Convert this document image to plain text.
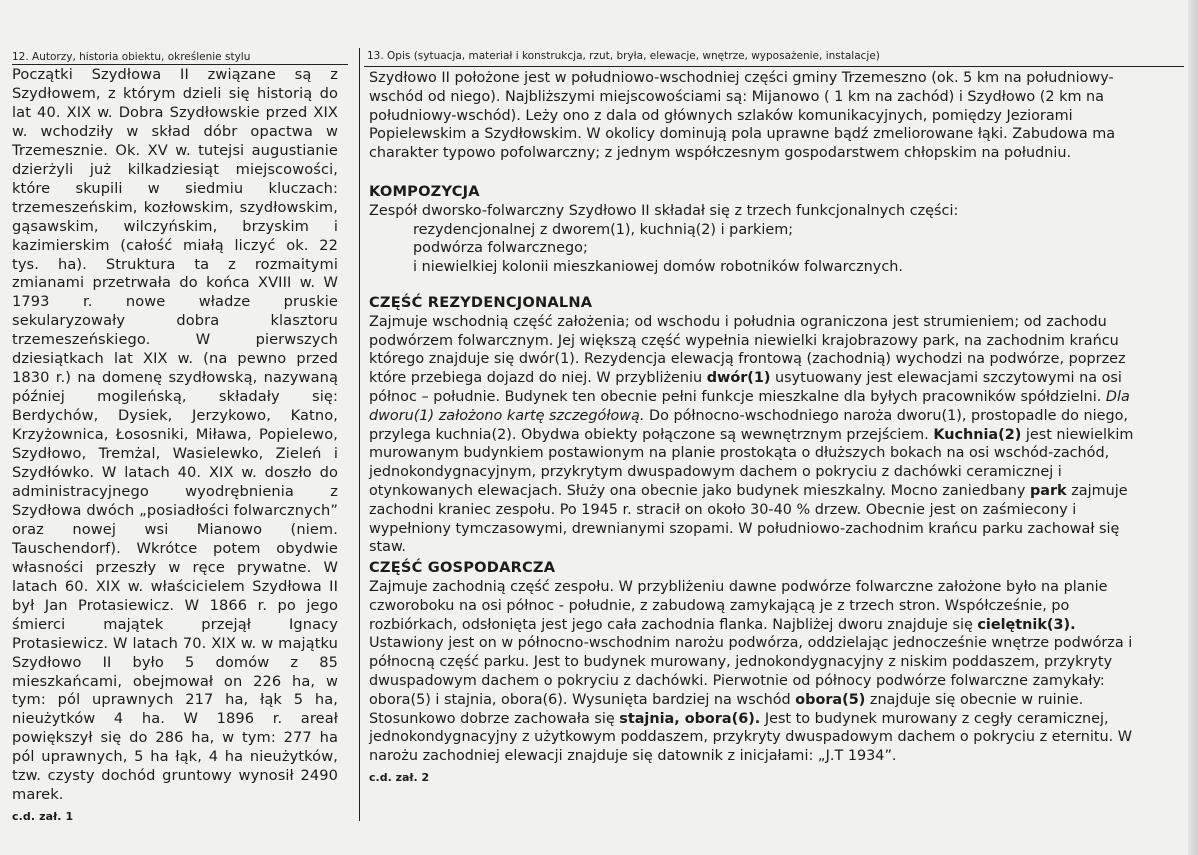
12. Autorzy, historia obiektu, określenie stylu	13. Opis (sytuacja, materiał i konstrukcja, rzut, bryła, elewacje, wnętrze, wyposażenie, instalacje)

Początki Szydłowa II związane są z Szydłowem, z którym dzieli się historią do lat 40. XIX w. Dobra Szydłowskie przed XIX w. wchodziły w skład dóbr opactwa w Trzemesznie. Ok. XV w. tutejsi augustianie dzierżyli już kilkadziesiąt miejscowości, które skupili w siedmiu kluczach: trzemeszeńskim, kozłowskim, szydłowskim, gąsawskim, wilczyńskim, brzyskim i kazimierskim (całość miałą liczyć ok. 22 tys. ha). Struktura ta z rozmaitymi zmianami przetrwała do końca XVIII w. W 1793 r. nowe władze pruskie sekularyzowały dobra klasztoru trzemeszeńskiego. W pierwszych dziesiątkach lat XIX w. (na pewno przed 1830 r.) na domenę szydłowską, nazywaną później mogileńską, składały się: Berdychów, Dysiek, Jerzykowo, Katno, Krzyżownica, Łososniki, Miława, Popielewo, Szydłowo, Tremżal, Wasielewko, Zieleń i Szydłówko. W latach 40. XIX w. doszło do administracyjnego wyodrębnienia z Szydłowa dwóch „posiadłości folwarcznych” oraz nowej wsi Mianowo (niem. Tauschendorf). Wkrótce potem obydwie własności przeszły w ręce prywatne. W latach 60. XIX w. właścicielem Szydłowa II był Jan Protasiewicz. W 1866 r. po jego śmierci majątek przejął Ignacy Protasiewicz. W latach 70. XIX w. w majątku Szydłowo II było 5 domów z 85 mieszkańcami, obejmował on 226 ha, w tym: pól uprawnych 217 ha, łąk 5 ha, nieużytków 4 ha. W 1896 r. areał powiększył się do 286 ha, w tym: 277 ha pól uprawnych, 5 ha łąk, 4 ha nieużytków, tzw. czysty dochód gruntowy wynosił 2490 marek.

c.d. zał. 1

Szydłowo II położone jest w południowo-wschodniej części gminy Trzemeszno (ok. 5 km na południowy-wschód od niego). Najbliższymi miejscowościami są: Mijanowo ( 1 km na zachód) i Szydłowo (2 km na południowy-wschód). Leży ono z dala od głównych szlaków komunikacyjnych, pomiędzy Jeziorami Popielewskim a Szydłowskim. W okolicy dominują pola uprawne bądź zmeliorowane łąki. Zabudowa ma charakter typowo pofolwarczny; z jednym współczesnym gospodarstwem chłopskim na południu.

KOMPOZYCJA

Zespół dworsko-folwarczny Szydłowo II składał się z trzech funkcjonalnych części:

rezydencjonalnej z dworem(1), kuchnią(2) i parkiem;

podwórza folwarcznego;

i niewielkiej kolonii mieszkaniowej domów robotników folwarcznych.

CZĘŚĆ REZYDENCJONALNA

Zajmuje wschodnią część założenia; od wschodu i południa ograniczona jest strumieniem; od zachodu podwórzem folwarcznym. Jej większą część wypełnia niewielki krajobrazowy park, na zachodnim krańcu którego znajduje się dwór(1). Rezydencja elewacją frontową (zachodnią) wychodzi na podwórze, poprzez które przebiega dojazd do niej. W przybliżeniu dwór(1) usytuowany jest elewacjami szczytowymi na osi północ – południe. Budynek ten obecnie pełni funkcje mieszkalne dla byłych pracowników spółdzielni. Dla dworu(1) założono kartę szczegółową. Do północno-wschodniego naroża dworu(1), prostopadle do niego, przylega kuchnia(2). Obydwa obiekty połączone są wewnętrznym przejściem. Kuchnia(2) jest niewielkim murowanym budynkiem postawionym na planie prostokąta o dłuższych bokach na osi wschód-zachód, jednokondygnacyjnym, przykrytym dwuspadowym dachem o pokryciu z dachówki ceramicznej i otynkowanych elewacjach. Służy ona obecnie jako budynek mieszkalny. Mocno zaniedbany park zajmuje zachodni kraniec zespołu. Po 1945 r. stracił on około 30-40 % drzew. Obecnie jest on zaśmiecony i wypełniony tymczasowymi, drewnianymi szopami. W południowo-zachodnim krańcu parku zachował się staw.

CZĘŚĆ GOSPODARCZA

Zajmuje zachodnią część zespołu. W przybliżeniu dawne podwórze folwarczne założone było na planie czworoboku na osi północ - południe, z zabudową zamykającą je z trzech stron. Współcześnie, po rozbiórkach, odsłonięta jest jego cała zachodnia flanka. Najbliżej dworu znajduje się cielętnik(3). Ustawiony jest on w północno-wschodnim narożu podwórza, oddzielając jednocześnie wnętrze podwórza i północną część parku. Jest to budynek murowany, jednokondygnacyjny z niskim poddaszem, przykryty dwuspadowym dachem o pokryciu z dachówki. Pierwotnie od północy podwórze folwarczne zamykały: obora(5) i stajnia, obora(6). Wysunięta bardziej na wschód obora(5) znajduje się obecnie w ruinie. Stosunkowo dobrze zachowała się stajnia, obora(6). Jest to budynek murowany z cegły ceramicznej, jednokondygnacyjny z użytkowym poddaszem, przykryty dwuspadowym dachem o pokryciu z eternitu. W narożu zachodniej elewacji znajduje się datownik z inicjałami: „J.T 1934”.

c.d. zał. 2
